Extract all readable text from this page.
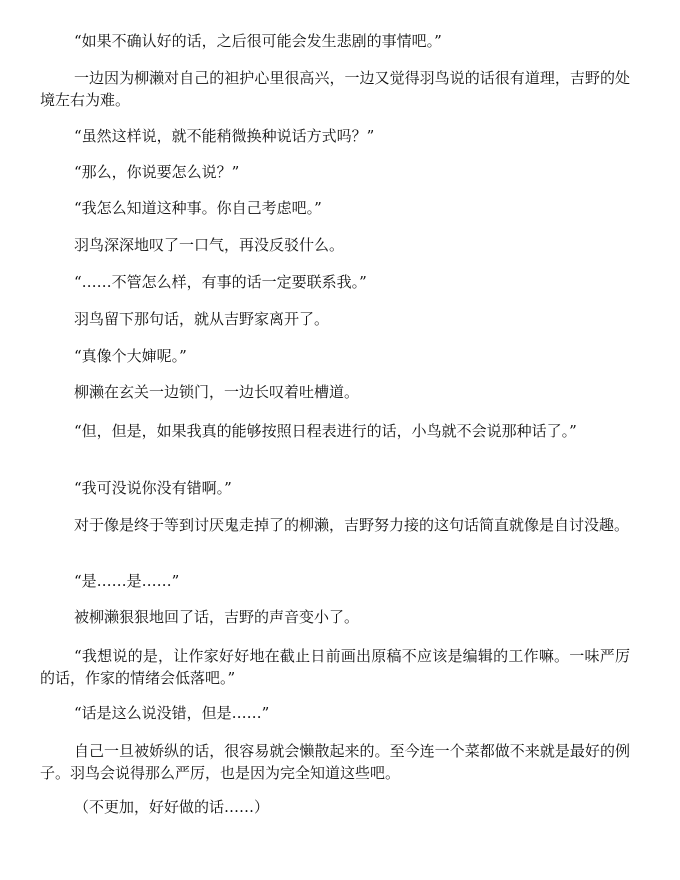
“如果不确认好的话，之后很可能会发生悲剧的事情吧。”

一边因为柳濑对自己的袒护心里很高兴，一边又觉得羽鸟说的话很有道理，吉野的处境左右为难。

“虽然这样说，就不能稍微换种说话方式吗？”

“那么，你说要怎么说？”

“我怎么知道这种事。你自己考虑吧。”

羽鸟深深地叹了一口气，再没反驳什么。

“……不管怎么样，有事的话一定要联系我。”

羽鸟留下那句话，就从吉野家离开了。

“真像个大婶呢。”

柳濑在玄关一边锁门，一边长叹着吐槽道。

“但，但是，如果我真的能够按照日程表进行的话，小鸟就不会说那种话了。”

“我可没说你没有错啊。”

对于像是终于等到讨厌鬼走掉了的柳濑，吉野努力接的这句话简直就像是自讨没趣。

“是……是……”

被柳濑狠狠地回了话，吉野的声音变小了。

“我想说的是，让作家好好地在截止日前画出原稿不应该是编辑的工作嘛。一味严厉的话，作家的情绪会低落吧。”

“话是这么说没错，但是……”

自己一旦被娇纵的话，很容易就会懒散起来的。至今连一个菜都做不来就是最好的例子。羽鸟会说得那么严厉，也是因为完全知道这些吧。

（不更加，好好做的话……）
